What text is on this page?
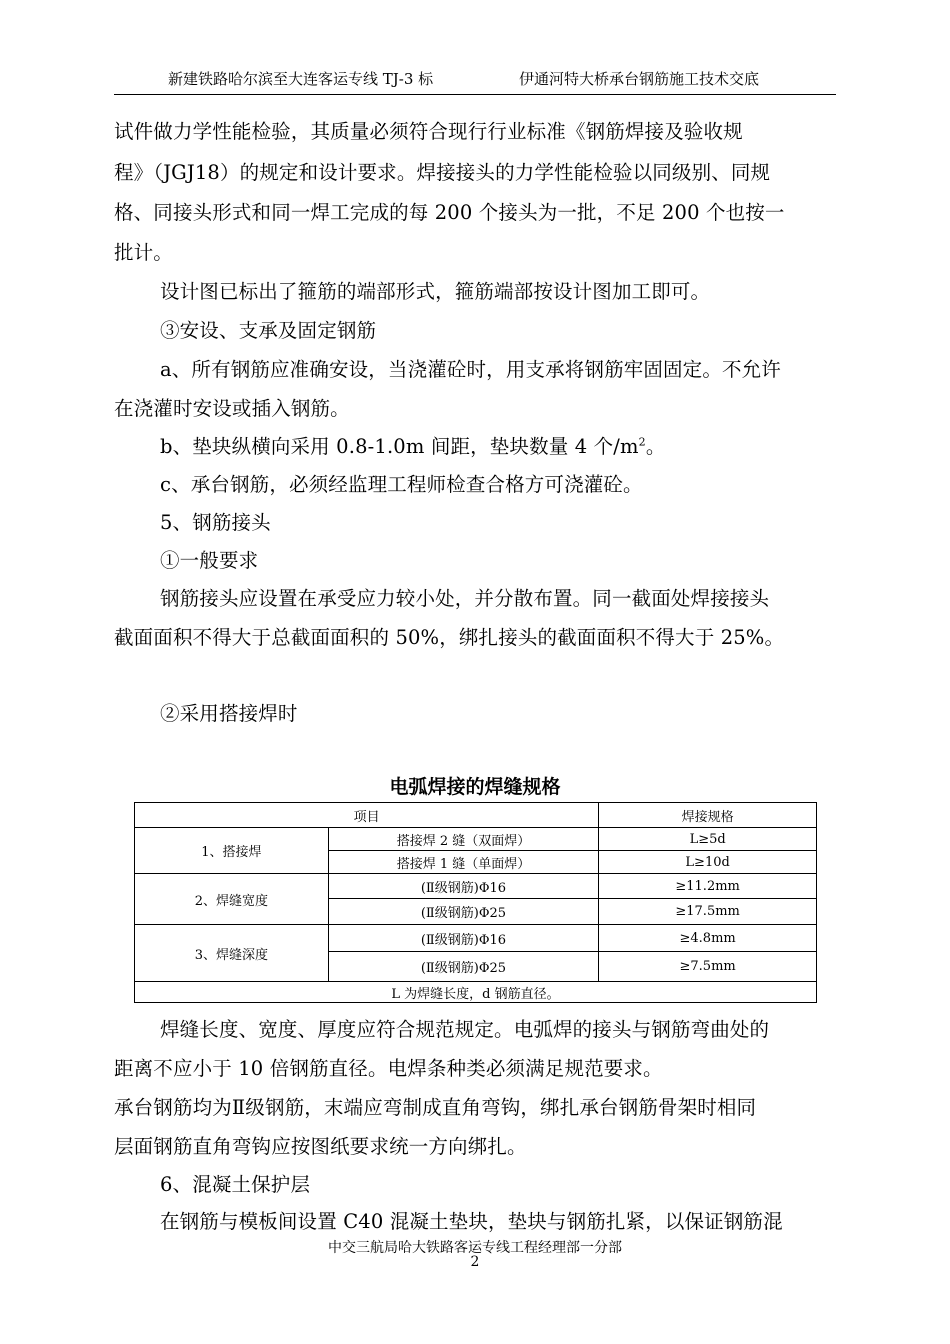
新建铁路哈尔滨至大连客运专线 TJ-3 标	伊通河特大桥承台钢筋施工技术交底
试件做力学性能检验，其质量必须符合现行行业标准《钢筋焊接及验收规
程》（JGJ18）的规定和设计要求。焊接接头的力学性能检验以同级别、同规
格、同接头形式和同一焊工完成的每 200 个接头为一批，不足 200 个也按一
批计。
设计图已标出了箍筋的端部形式，箍筋端部按设计图加工即可。
③安设、支承及固定钢筋
a、所有钢筋应准确安设，当浇灌砼时，用支承将钢筋牢固固定。不允许
在浇灌时安设或插入钢筋。
b、垫块纵横向采用 0.8-1.0m 间距，垫块数量 4 个$/m^2$。
c、承台钢筋，必须经监理工程师检查合格方可浇灌砼。
5、钢筋接头
①一般要求
钢筋接头应设置在承受应力较小处，并分散布置。同一截面处焊接接头
截面面积不得大于总截面面积的 50%，绑扎接头的截面面积不得大于 25%。
②采用搭接焊时
电弧焊接的焊缝规格
项目		焊接规格
1、搭接焊	搭接焊 2 缝（双面焊）	L≥5d
	搭接焊 1 缝（单面焊）	L≥10d
2、焊缝宽度	(Ⅱ级钢筋)Φ16	≥11.2mm
	(Ⅱ级钢筋)Φ25	≥17.5mm
3、焊缝深度	(Ⅱ级钢筋)Φ16	≥4.8mm
	(Ⅱ级钢筋)Φ25	≥7.5mm
L 为焊缝长度，d 钢筋直径。		
焊缝长度、宽度、厚度应符合规范规定。电弧焊的接头与钢筋弯曲处的
距离不应小于 10 倍钢筋直径。电焊条种类必须满足规范要求。
承台钢筋均为Ⅱ级钢筋，末端应弯制成直角弯钩，绑扎承台钢筋骨架时相同
层面钢筋直角弯钩应按图纸要求统一方向绑扎。
6、混凝土保护层
在钢筋与模板间设置 C40 混凝土垫块，垫块与钢筋扎紧，以保证钢筋混
中交三航局哈大铁路客运专线工程经理部一分部
2
